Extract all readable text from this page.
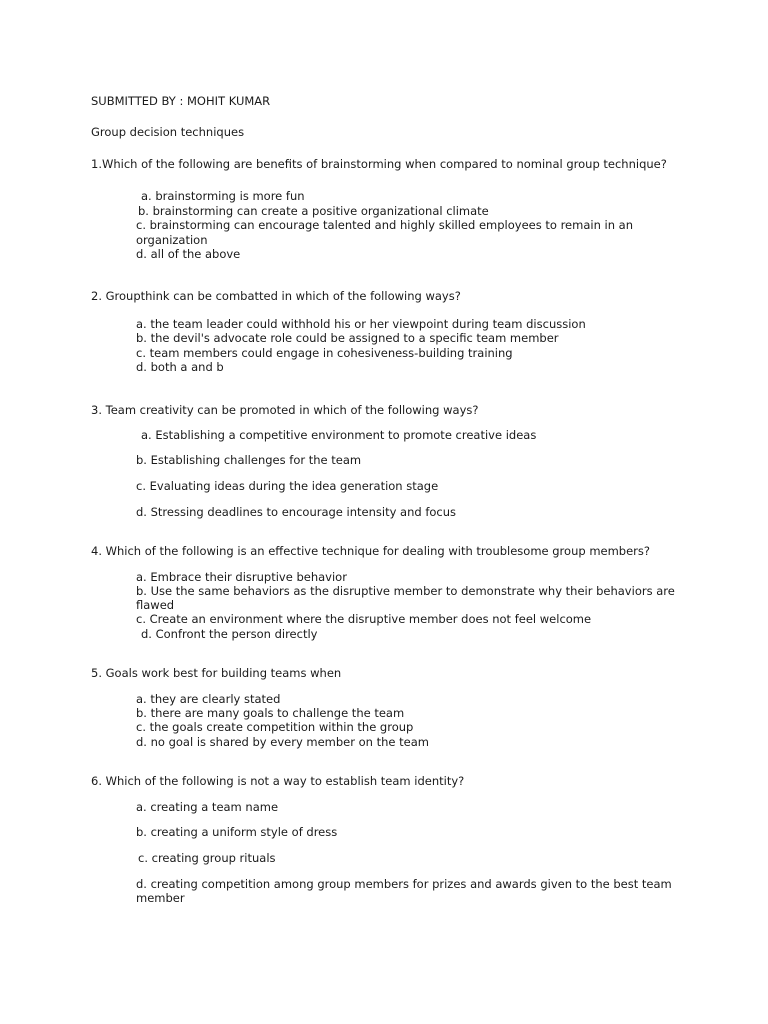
SUBMITTED BY : MOHIT KUMAR
Group decision techniques
1.Which of the following are benefits of brainstorming when compared to nominal group technique?
a. brainstorming is more fun
b. brainstorming can create a positive organizational climate
c. brainstorming can encourage talented and highly skilled employees to remain in an
organization
d. all of the above
2. Groupthink can be combatted in which of the following ways?
a. the team leader could withhold his or her viewpoint during team discussion
b. the devil's advocate role could be assigned to a specific team member
c. team members could engage in cohesiveness-building training
d. both a and b
3. Team creativity can be promoted in which of the following ways?
a. Establishing a competitive environment to promote creative ideas
b. Establishing challenges for the team
c. Evaluating ideas during the idea generation stage
d. Stressing deadlines to encourage intensity and focus
4. Which of the following is an effective technique for dealing with troublesome group members?
a. Embrace their disruptive behavior
b. Use the same behaviors as the disruptive member to demonstrate why their behaviors are
flawed
c. Create an environment where the disruptive member does not feel welcome
d. Confront the person directly
5. Goals work best for building teams when
a. they are clearly stated
b. there are many goals to challenge the team
c. the goals create competition within the group
d. no goal is shared by every member on the team
6. Which of the following is not a way to establish team identity?
a. creating a team name
b. creating a uniform style of dress
c. creating group rituals
d. creating competition among group members for prizes and awards given to the best team
member
